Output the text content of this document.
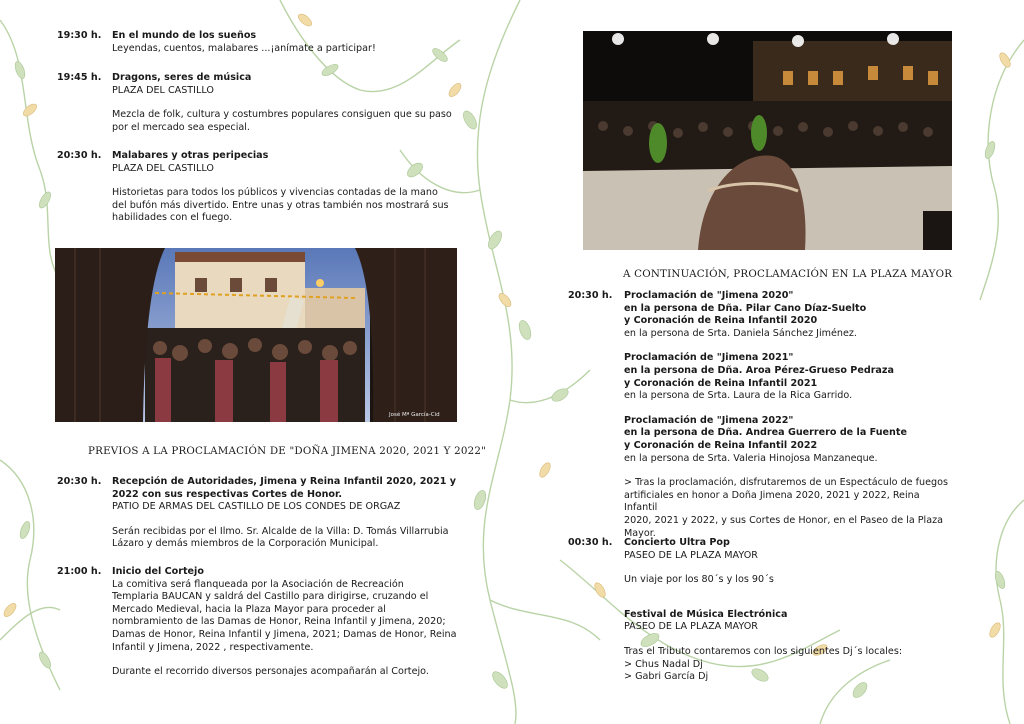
19:30 h. En el mundo de los sueños

Leyendas, cuentos, malabares ...¡anímate a participar!

19:45 h. Dragons, seres de música

PLAZA DEL CASTILLO

Mezcla de folk, cultura y costumbres populares consiguen que su paso
por el mercado sea especial.

20:30 h. Malabares y otras peripecias

PLAZA DEL CASTILLO

Historietas para todos los públicos y vivencias contadas de la mano
del bufón más divertido. Entre unas y otras también nos mostrará sus
habilidades con el fuego.

José Mª García-Cid
PREVIOS A LA PROCLAMACIÓN DE "DOÑA JIMENA 2020, 2021 Y 2022"
20:30 h. Recepción de Autoridades, Jimena y Reina Infantil 2020, 2021 y
2022 con sus respectivas Cortes de Honor.

PATIO DE ARMAS DEL CASTILLO DE LOS CONDES DE ORGAZ

Serán recibidas por el Ilmo. Sr. Alcalde de la Villa: D. Tomás Villarrubia
Lázaro y demás miembros de la Corporación Municipal.

21:00 h. Inicio del Cortejo

La comitiva será flanqueada por la Asociación de Recreación
Templaria BAUCAN y saldrá del Castillo para dirigirse, cruzando el
Mercado Medieval, hacia la Plaza Mayor para proceder al
nombramiento de las Damas de Honor, Reina Infantil y Jimena, 2020;
Damas de Honor, Reina Infantil y Jimena, 2021; Damas de Honor, Reina
Infantil y Jimena, 2022 , respectivamente.

Durante el recorrido diversos personajes acompañarán al Cortejo.

A CONTINUACIÓN, PROCLAMACIÓN EN LA PLAZA MAYOR
20:30 h. Proclamación de "Jimena 2020"
en la persona de Dña. Pilar Cano Díaz-Suelto
y Coronación de Reina Infantil 2020

en la persona de Srta. Daniela Sánchez Jiménez.

Proclamación de "Jimena 2021"
en la persona de Dña. Aroa Pérez-Grueso Pedraza
y Coronación de Reina Infantil 2021

en la persona de Srta. Laura de la Rica Garrido.

Proclamación de "Jimena 2022"
en la persona de Dña. Andrea Guerrero de la Fuente
y Coronación de Reina Infantil 2022

en la persona de Srta. Valeria Hinojosa Manzaneque.

> Tras la proclamación, disfrutaremos de un Espectáculo de fuegos
artificiales en honor a Doña Jimena 2020, 2021 y 2022, Reina Infantil
2020, 2021 y 2022, y sus Cortes de Honor, en el Paseo de la Plaza
Mayor.

00:30 h. Concierto Ultra Pop

PASEO DE LA PLAZA MAYOR

Un viaje por los 80´s y los 90´s

Festival de Música Electrónica

PASEO DE LA PLAZA MAYOR

Tras el Tributo contaremos con los siguientes Dj´s locales:
> Chus Nadal Dj
> Gabri García Dj
